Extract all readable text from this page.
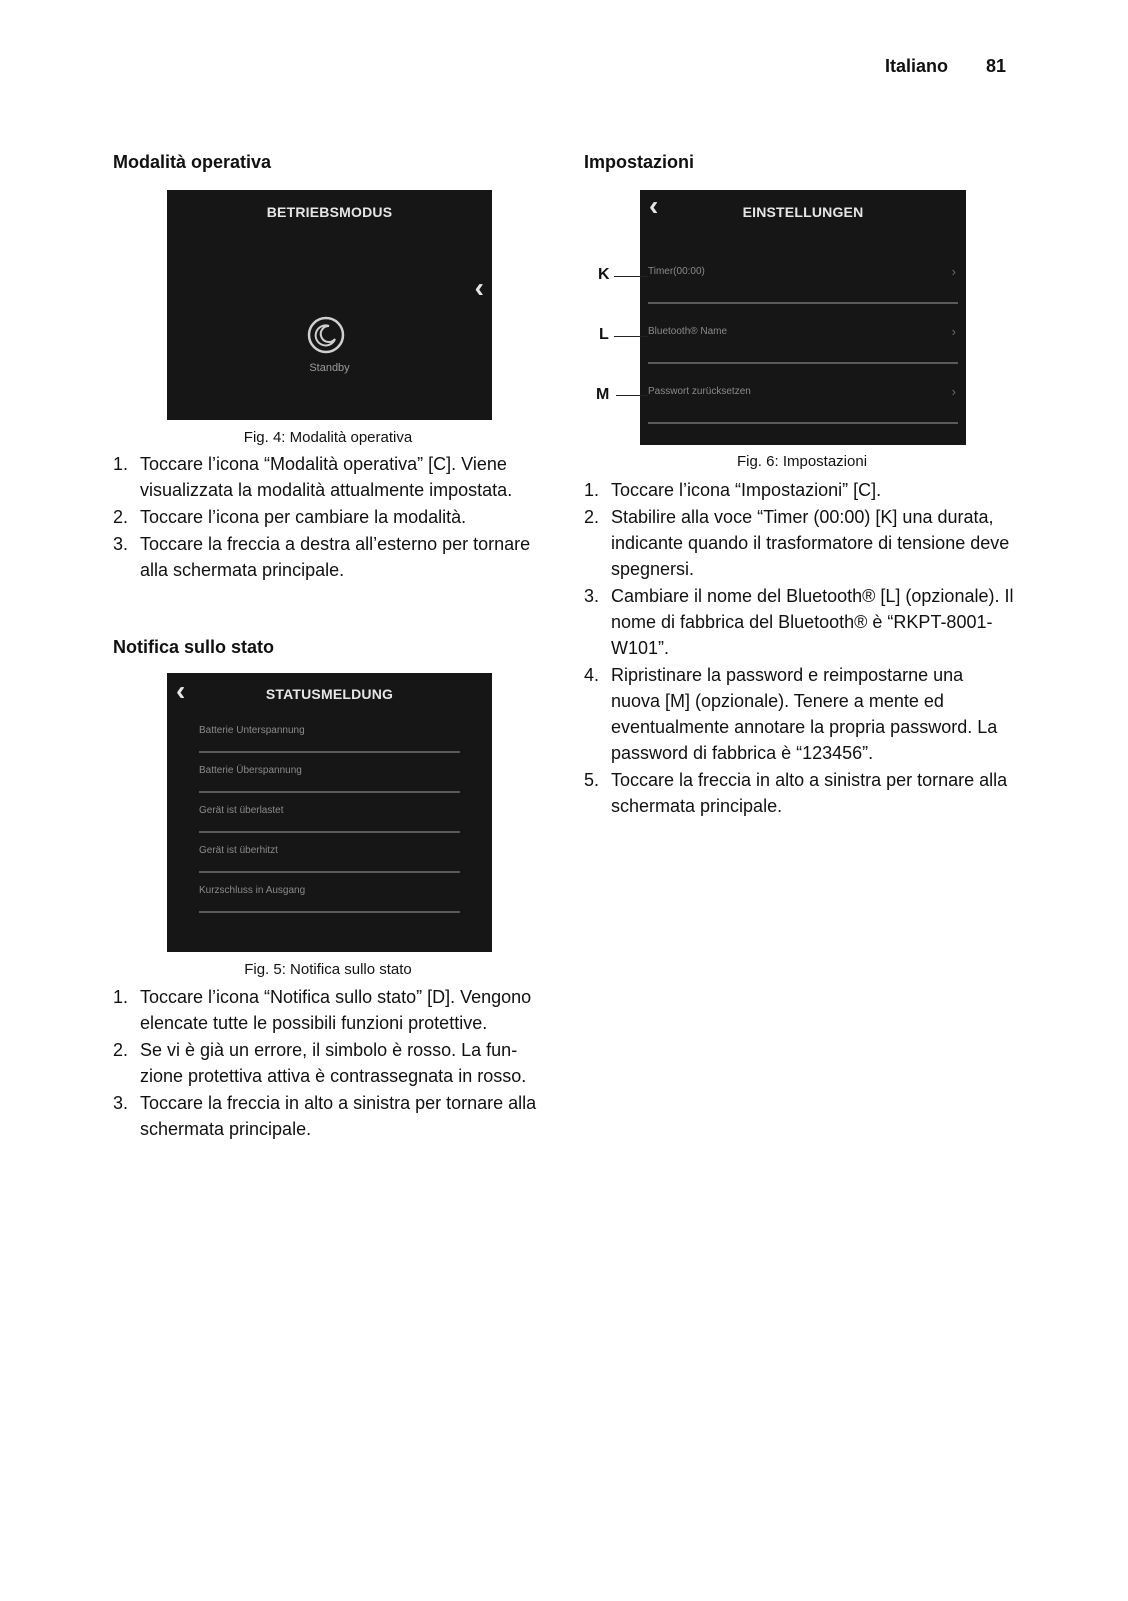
Italiano 81
Modalità operativa
BETRIEBSMODUS
‹
Standby
Fig. 4: Modalità operativa
1. Toccare l’icona “Modalità operativa” [C]. Viene visualizzata la modalità attualmente impostata.
2. Toccare l’icona per cambiare la modalità.
3. Toccare la freccia a destra all’esterno per tornare alla schermata principale.
Notifica sullo stato
‹	STATUSMELDUNG
Batterie Unterspannung
Batterie Überspannung
Gerät ist überlastet
Gerät ist überhitzt
Kurzschluss in Ausgang
Fig. 5: Notifica sullo stato
1. Toccare l’icona “Notifica sullo stato” [D]. Vengono elencate tutte le possibili funzioni protettive.
2. Se vi è già un errore, il simbolo è rosso. La funzione protettiva attiva è contrassegnata in rosso.
3. Toccare la freccia in alto a sinistra per tornare alla schermata principale.
Impostazioni
‹	EINSTELLUNGEN
Timer(00:00)	›
Bluetooth® Name	›
Passwort zurücksetzen	›
K
L
M
Fig. 6: Impostazioni
1. Toccare l’icona “Impostazioni” [C].
2. Stabilire alla voce “Timer (00:00) [K] una durata, indicante quando il trasformatore di tensione deve spegnersi.
3. Cambiare il nome del Bluetooth® [L] (opzionale). Il nome di fabbrica del Bluetooth® è “RKPT-8001-W101”.
4. Ripristinare la password e reimpostarne una nuova [M] (opzionale). Tenere a mente ed eventualmente annotare la propria password. La password di fabbrica è “123456”.
5. Toccare la freccia in alto a sinistra per tornare alla schermata principale.
